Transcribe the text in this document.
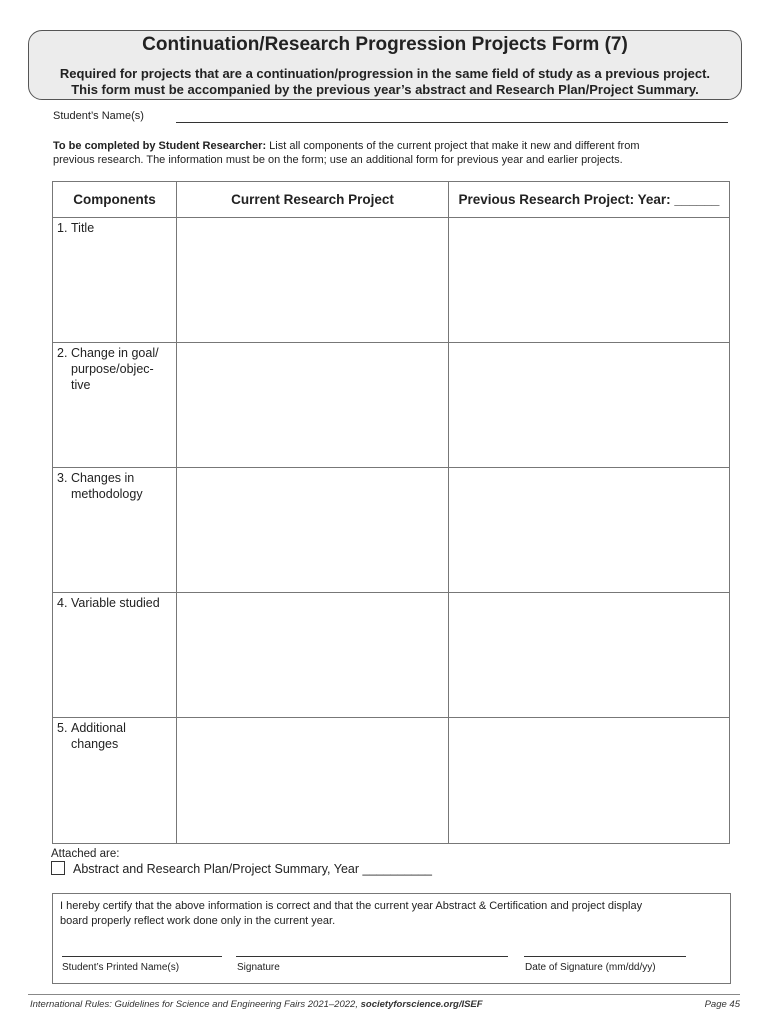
Continuation/Research Progression Projects Form (7)
Required for projects that are a continuation/progression in the same field of study as a previous project.
This form must be accompanied by the previous year’s abstract and Research Plan/Project Summary.
Student’s Name(s)
To be completed by Student Researcher: List all components of the current project that make it new and different from
previous research. The information must be on the form; use an additional form for previous year and earlier projects.
Components	Current Research Project	Previous Research Project: Year: ______

1. Title		

2. Change in goal/
purpose/objec-
tive		

3. Changes in
methodology		

4. Variable studied		

5. Additional
changes		

Attached are:
Abstract and Research Plan/Project Summary, Year __________
I hereby certify that the above information is correct and that the current year Abstract & Certification and project display
board properly reflect work done only in the current year.
Student’s Printed Name(s)	Signature	Date of Signature (mm/dd/yy)
International Rules: Guidelines for Science and Engineering Fairs 2021–2022, societyforscience.org/ISEF	Page 45
